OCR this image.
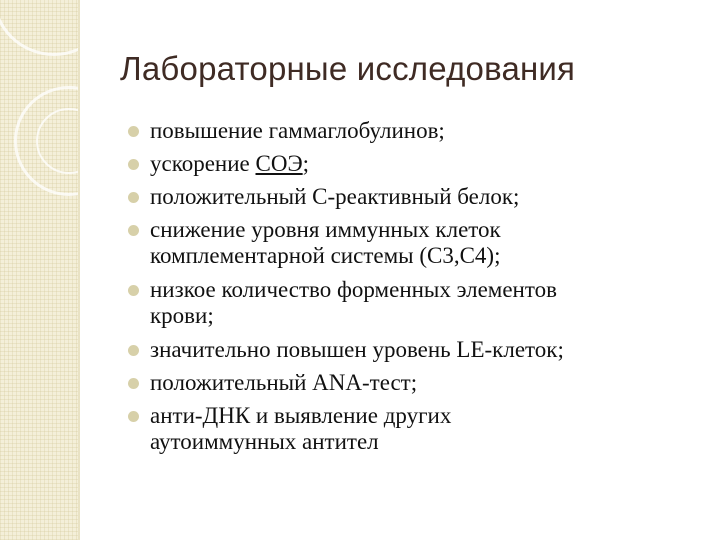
Лабораторные исследования
повышение гаммаглобулинов;
ускорение СОЭ;
положительный С-реактивный белок;
снижение уровня иммунных клеток
комплементарной системы (С3,С4);
низкое количество форменных элементов
крови;
значительно повышен уровень LE-клеток;
положительный ANA-тест;
анти-ДНК и выявление других
аутоиммунных антител
